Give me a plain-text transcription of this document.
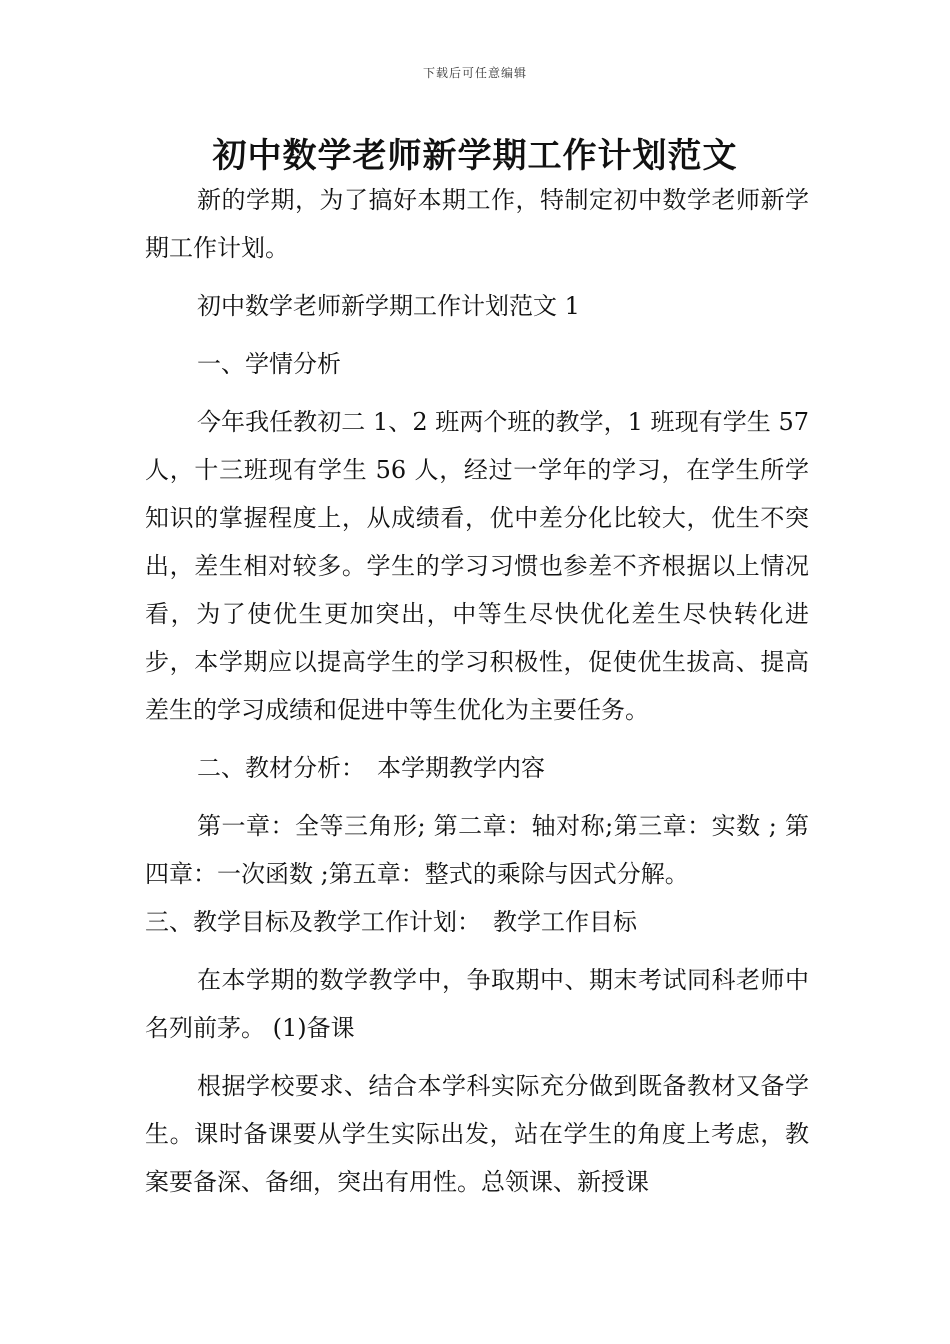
下载后可任意编辑
初中数学老师新学期工作计划范文

新的学期，为了搞好本期工作，特制定初中数学老师新学期工作计划。

初中数学老师新学期工作计划范文 1

一、学情分析

今年我任教初二 1、2 班两个班的教学，1 班现有学生 57 人，十三班现有学生 56 人，经过一学年的学习，在学生所学知识的掌握程度上，从成绩看，优中差分化比较大，优生不突出，差生相对较多。学生的学习习惯也参差不齐根据以上情况看，为了使优生更加突出，中等生尽快优化差生尽快转化进步，本学期应以提高学生的学习积极性，促使优生拔高、提高差生的学习成绩和促进中等生优化为主要任务。

二、教材分析：　本学期教学内容

第一章：全等三角形; 第二章：轴对称;第三章：实数 ; 第四章：一次函数 ;第五章：整式的乘除与因式分解。

三、教学目标及教学工作计划：　教学工作目标

在本学期的数学教学中，争取期中、期末考试同科老师中名列前茅。 (1)备课

根据学校要求、结合本学科实际充分做到既备教材又备学生。课时备课要从学生实际出发，站在学生的角度上考虑，教案要备深、备细，突出有用性。总领课、新授课
